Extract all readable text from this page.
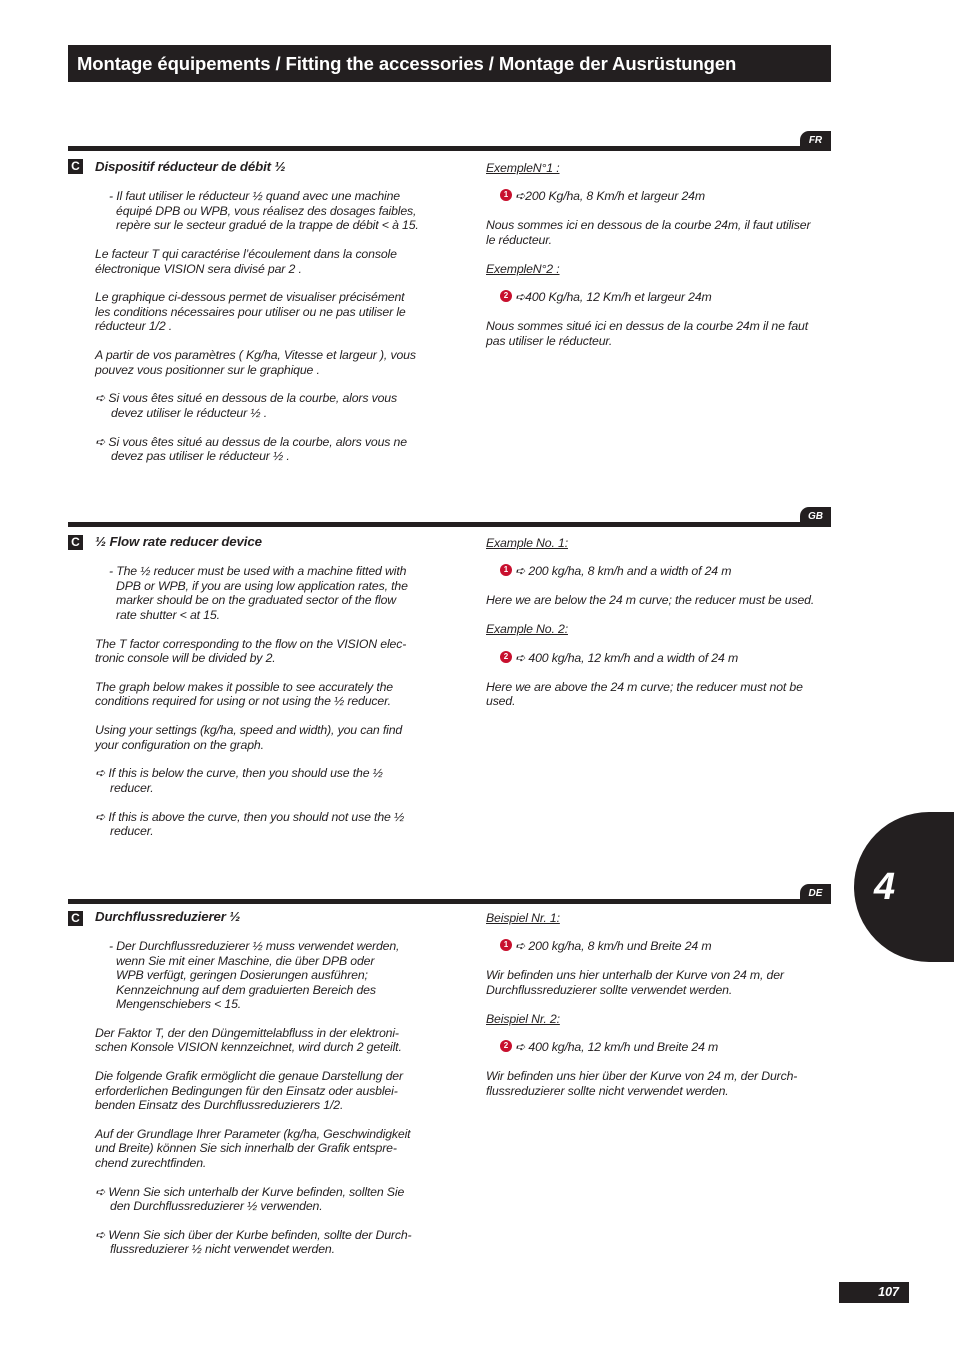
Montage équipements / Fitting the accessories / Montage der Ausrüstungen
FR
C Dispositif réducteur de débit ½
- Il faut utiliser le réducteur ½ quand avec une machine
équipé DPB ou WPB, vous réalisez des dosages faibles,
repère sur le secteur gradué de la trappe de débit < à 15.
Le facteur T qui caractérise l’écoulement dans la console
électronique VISION sera divisé par 2 .
Le graphique ci-dessous permet de visualiser précisément
les conditions nécessaires pour utiliser ou ne pas utiliser le
réducteur 1/2 .
A partir de vos paramètres ( Kg/ha, Vitesse et largeur ), vous
pouvez vous positionner sur le graphique .
➪ Si vous êtes situé en dessous de la courbe, alors vous
devez utiliser le réducteur ½ .
➪ Si vous êtes situé au dessus de la courbe, alors vous ne
devez pas utiliser le réducteur ½ .
ExempleN°1 :
1 ➪200 Kg/ha, 8 Km/h et largeur 24m
Nous sommes ici en dessous de la courbe 24m, il faut utiliser
le réducteur.
ExempleN°2 :
2 ➪400 Kg/ha, 12 Km/h et largeur 24m
Nous sommes situé ici en dessus de la courbe 24m il ne faut
pas utiliser le réducteur.
GB
C ½ Flow rate reducer device
- The ½ reducer must be used with a machine fitted with
DPB or WPB, if you are using low application rates, the
marker should be on the graduated sector of the flow
rate shutter < at 15.
The T factor corresponding to the flow on the VISION elec-
tronic console will be divided by 2.
The graph below makes it possible to see accurately the
conditions required for using or not using the ½ reducer.
Using your settings (kg/ha, speed and width), you can find
your configuration on the graph.
➪ If this is below the curve, then you should use the ½
reducer.
➪ If this is above the curve, then you should not use the ½
reducer.
Example No. 1:
1 ➪ 200 kg/ha, 8 km/h and a width of 24 m
Here we are below the 24 m curve; the reducer must be used.
Example No. 2:
2 ➪ 400 kg/ha, 12 km/h and a width of 24 m
Here we are above the 24 m curve; the reducer must not be
used.
DE
C Durchflussreduzierer ½
- Der Durchflussreduzierer ½ muss verwendet werden,
wenn Sie mit einer Maschine, die über DPB oder
WPB verfügt, geringen Dosierungen ausführen;
Kennzeichnung auf dem graduierten Bereich des
Mengenschiebers < 15.
Der Faktor T, der den Düngemittelabfluss in der elektroni-
schen Konsole VISION kennzeichnet, wird durch 2 geteilt.
Die folgende Grafik ermöglicht die genaue Darstellung der
erforderlichen Bedingungen für den Einsatz oder ausblei-
benden Einsatz des Durchflussreduzierers 1/2.
Auf der Grundlage Ihrer Parameter (kg/ha, Geschwindigkeit
und Breite) können Sie sich innerhalb der Grafik entspre-
chend zurechtfinden.
➪ Wenn Sie sich unterhalb der Kurve befinden, sollten Sie
den Durchflussreduzierer ½ verwenden.
➪ Wenn Sie sich über der Kurbe befinden, sollte der Durch-
flussreduzierer ½ nicht verwendet werden.
Beispiel Nr. 1:
1 ➪ 200 kg/ha, 8 km/h und Breite 24 m
Wir befinden uns hier unterhalb der Kurve von 24 m, der
Durchflussreduzierer sollte verwendet werden.
Beispiel Nr. 2:
2 ➪ 400 kg/ha, 12 km/h und Breite 24 m
Wir befinden uns hier über der Kurve von 24 m, der Durch-
flussreduzierer sollte nicht verwendet werden.
4
107
